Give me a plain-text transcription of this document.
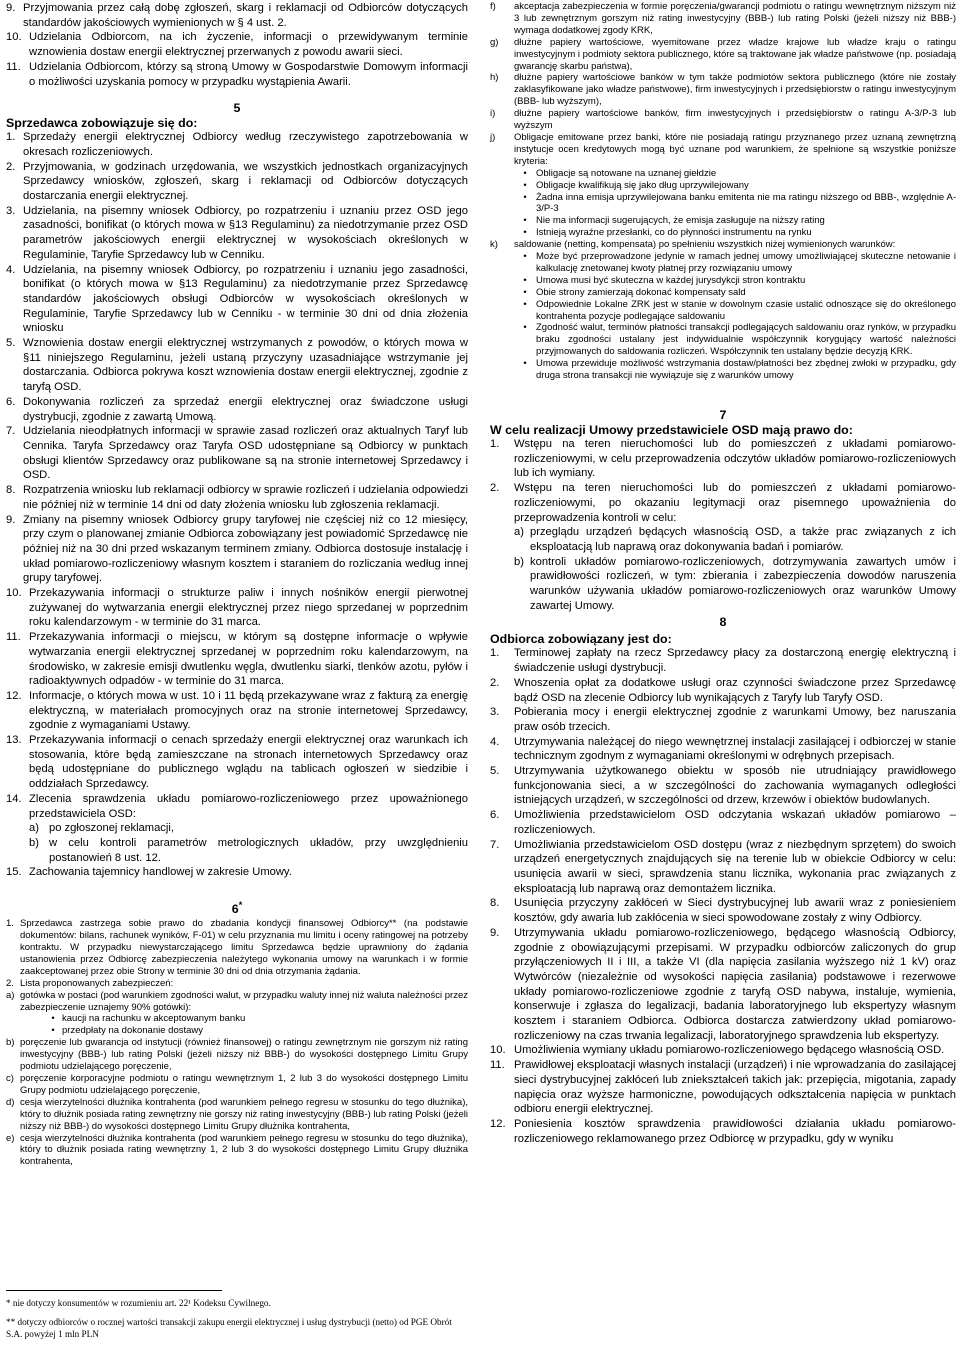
9. Przyjmowania przez całą dobę zgłoszeń, skarg i reklamacji od Odbiorców dotyczących standardów jakościowych wymienionych w § 4 ust. 2.
10. Udzielania Odbiorcom, na ich życzenie, informacji o przewidywanym terminie wznowienia dostaw energii elektrycznej przerwanych z powodu awarii sieci.
11. Udzielania Odbiorcom, którzy są stroną Umowy w Gospodarstwie Domowym informacji o możliwości uzyskania pomocy w przypadku wystąpienia Awarii.
5
Sprzedawca zobowiązuje się do:
1. Sprzedaży energii elektrycznej Odbiorcy według rzeczywistego zapotrzebowania w okresach rozliczeniowych.
2. Przyjmowania, w godzinach urzędowania, we wszystkich jednostkach organizacyjnych Sprzedawcy wniosków, zgłoszeń, skarg i reklamacji od Odbiorców dotyczących dostarczania energii elektrycznej.
3. Udzielania, na pisemny wniosek Odbiorcy, po rozpatrzeniu i uznaniu przez OSD jego zasadności, bonifikat (o których mowa w §13 Regulaminu) za niedotrzymanie przez OSD parametrów jakościowych energii elektrycznej w wysokościach określonych w Regulaminie, Taryfie Sprzedawcy lub w Cenniku.
4. Udzielania, na pisemny wniosek Odbiorcy, po rozpatrzeniu i uznaniu jego zasadności, bonifikat (o których mowa w §13 Regulaminu) za niedotrzymanie przez Sprzedawcę standardów jakościowych obsługi Odbiorców w wysokościach określonych w Regulaminie, Taryfie Sprzedawcy lub w Cenniku - w terminie 30 dni od dnia złożenia wniosku
5. Wznowienia dostaw energii elektrycznej wstrzymanych z powodów, o których mowa w §11 niniejszego Regulaminu, jeżeli ustaną przyczyny uzasadniające wstrzymanie jej dostarczania. Odbiorca pokrywa koszt wznowienia dostaw energii elektrycznej, zgodnie z taryfą OSD.
6. Dokonywania rozliczeń za sprzedaż energii elektrycznej oraz świadczone usługi dystrybucji, zgodnie z zawartą Umową.
7. Udzielania nieodpłatnych informacji w sprawie zasad rozliczeń oraz aktualnych Taryf lub Cennika. Taryfa Sprzedawcy oraz Taryfa OSD udostępniane są Odbiorcy w punktach obsługi klientów Sprzedawcy oraz publikowane są na stronie internetowej Sprzedawcy i OSD.
8. Rozpatrzenia wniosku lub reklamacji odbiorcy w sprawie rozliczeń i udzielania odpowiedzi nie później niż w terminie 14 dni od daty złożenia wniosku lub zgłoszenia reklamacji.
9. Zmiany na pisemny wniosek Odbiorcy grupy taryfowej nie częściej niż co 12 miesięcy, przy czym o planowanej zmianie Odbiorca zobowiązany jest powiadomić Sprzedawcę nie później niż na 30 dni przed wskazanym terminem zmiany. Odbiorca dostosuje instalację i układ pomiarowo-rozliczeniowy własnym kosztem i staraniem do rozliczania według innej grupy taryfowej.
10. Przekazywania informacji o strukturze paliw i innych nośników energii pierwotnej zużywanej do wytwarzania energii elektrycznej przez niego sprzedanej w poprzednim roku kalendarzowym - w terminie do 31 marca.
11. Przekazywania informacji o miejscu, w którym są dostępne informacje o wpływie wytwarzania energii elektrycznej sprzedanej w poprzednim roku kalendarzowym, na środowisko, w zakresie emisji dwutlenku węgla, dwutlenku siarki, tlenków azotu, pyłów i radioaktywnych odpadów - w terminie do 31 marca.
12. Informacje, o których mowa w ust. 10 i 11 będą przekazywane wraz z fakturą za energię elektryczną, w materiałach promocyjnych oraz na stronie internetowej Sprzedawcy, zgodnie z wymaganiami Ustawy.
13. Przekazywania informacji o cenach sprzedaży energii elektrycznej oraz warunkach ich stosowania, które będą zamieszczane na stronach internetowych Sprzedawcy oraz będą udostępniane do publicznego wglądu na tablicach ogłoszeń w siedzibie i oddziałach Sprzedawcy.
14. Zlecenia sprawdzenia układu pomiarowo-rozliczeniowego przez upoważnionego przedstawiciela OSD:
a) po zgłoszonej reklamacji,
b) w celu kontroli parametrów metrologicznych układów, przy uwzględnieniu postanowień 8 ust. 12.
15. Zachowania tajemnicy handlowej w zakresie Umowy.
6*
1. Sprzedawca zastrzega sobie prawo do zbadania kondycji finansowej Odbiorcy** (na podstawie dokumentów: bilans, rachunek wyników, F-01) w celu przyznania mu limitu i oceny ratingowej na potrzeby kontraktu. W przypadku niewystarczającego limitu Sprzedawca będzie uprawniony do żądania ustanowienia przez Odbiorcę zabezpieczenia należytego wykonania umowy na warunkach i w formie zaakceptowanej przez obie Strony w terminie 30 dni od dnia otrzymania żądania.
2. Lista proponowanych zabezpieczeń:
a) gotówka w postaci (pod warunkiem zgodności walut, w przypadku waluty innej niż waluta należności przez zabezpieczenie uznajemy 90% gotówki):
• kaucji na rachunku w akceptowanym banku
• przedpłaty na dokonanie dostawy
b) poręczenie lub gwarancja od instytucji (również finansowej) o ratingu zewnętrznym nie gorszym niż rating inwestycyjny (BBB-) lub rating Polski (jeżeli niższy niż BBB-) do wysokości dostępnego Limitu Grupy podmiotu udzielającego poręczenie,
c) poręczenie korporacyjne podmiotu o ratingu wewnętrznym 1, 2 lub 3 do wysokości dostępnego Limitu Grupy podmiotu udzielającego poręczenie,
d) cesja wierzytelności dłużnika kontrahenta (pod warunkiem pełnego regresu w stosunku do tego dłużnika), który to dłużnik posiada rating zewnętrzny nie gorszy niż rating inwestycyjny (BBB-) lub rating Polski (jeżeli niższy niż BBB-) do wysokości dostępnego Limitu Grupy dłużnika kontrahenta,
e) cesja wierzytelności dłużnika kontrahenta (pod warunkiem pełnego regresu w stosunku do tego dłużnika), który to dłużnik posiada rating wewnętrzny 1, 2 lub 3 do wysokości dostępnego Limitu Grupy dłużnika kontrahenta,
* nie dotyczy konsumentów w rozumieniu art. 22¹ Kodeksu Cywilnego.
** dotyczy odbiorców o rocznej wartości transakcji zakupu energii elektrycznej i usług dystrybucji (netto) od PGE Obrót S.A. powyżej 1 mln PLN
f)	akceptacja zabezpieczenia w formie poręczenia/gwarancji podmiotu o ratingu wewnętrznym niższym niż 3 lub zewnętrznym gorszym niż rating inwestycyjny (BBB-) lub rating Polski (jeżeli niższy niż BBB-) wymaga dodatkowej zgody KRK,
g)	dłużne papiery wartościowe, wyemitowane przez władze krajowe lub władze kraju o ratingu inwestycyjnym i podmioty sektora publicznego, które są traktowane jak władze państwowe (np. posiadają gwarancję skarbu państwa),
h)	dłużne papiery wartościowe banków w tym także podmiotów sektora publicznego (które nie zostały zaklasyfikowane jako władze państwowe), firm inwestycyjnych i przedsiębiorstw o ratingu inwestycyjnym (BBB- lub wyższym),
i)	dłużne papiery wartościowe banków, firm inwestycyjnych i przedsiębiorstw o ratingu A-3/P-3 lub wyższym
j)	Obligacje emitowane przez banki, które nie posiadają ratingu przyznanego przez uznaną zewnętrzną instytucje ocen kredytowych mogą być uznane pod warunkiem, że spełnione są wszystkie poniższe kryteria:
• Obligacje są notowane na uznanej giełdzie
• Obligacje kwalifikują się jako dług uprzywilejowany
• Żadna inna emisja uprzywilejowana banku emitenta nie ma ratingu niższego od BBB-, względnie A-3/P-3
• Nie ma informacji sugerujących, że emisja zasługuje na niższy rating
• Istnieją wyraźne przesłanki, co do płynności instrumentu na rynku
k)	saldowanie (netting, kompensata) po spełnieniu wszystkich niżej wymienionych warunków:
• Może być przeprowadzone jedynie w ramach jednej umowy umożliwiającej skuteczne netowanie i kalkulację znetowanej kwoty płatnej przy rozwiązaniu umowy
• Umowa musi być skuteczna w każdej jurysdykcji stron kontraktu
• Obie strony zamierzają dokonać kompensaty sald
• Odpowiednie Lokalne ZRK jest w stanie w dowolnym czasie ustalić odnoszące się do określonego kontrahenta pozycje podlegające saldowaniu
• Zgodność walut, terminów płatności transakcji podlegających saldowaniu oraz rynków, w przypadku braku zgodności ustalany jest indywidualnie współczynnik korygujący wartość należności przyjmowanych do saldowania rozliczeń. Współczynnik ten ustalany będzie decyzją KRK.
• Umowa przewiduje możliwość wstrzymania dostaw/płatności bez zbędnej zwłoki w przypadku, gdy druga strona transakcji nie wywiązuje się z warunków umowy
7
W celu realizacji Umowy przedstawiciele OSD mają prawo do:
1.	Wstępu na teren nieruchomości lub do pomieszczeń z układami pomiarowo-rozliczeniowymi, w celu przeprowadzenia odczytów układów pomiarowo-rozliczeniowych lub ich wymiany.
2.	Wstępu na teren nieruchomości lub do pomieszczeń z układami pomiarowo-rozliczeniowymi, po okazaniu legitymacji oraz pisemnego upoważnienia do przeprowadzenia kontroli w celu:
a) przeglądu urządzeń będących własnością OSD, a także prac związanych z ich eksploatacją lub naprawą oraz dokonywania badań i pomiarów.
b) kontroli układów pomiarowo-rozliczeniowych, dotrzymywania zawartych umów i prawidłowości rozliczeń, w tym: zbierania i zabezpieczenia dowodów naruszenia warunków używania układów pomiarowo-rozliczeniowych oraz warunków Umowy zawartej Umowy.
8
Odbiorca zobowiązany jest do:
1.	Terminowej zapłaty na rzecz Sprzedawcy płacy za dostarczoną energię elektryczną i świadczenie usługi dystrybucji.
2.	Wnoszenia opłat za dodatkowe usługi oraz czynności świadczone przez Sprzedawcę bądź OSD na zlecenie Odbiorcy lub wynikających z Taryfy lub Taryfy OSD.
3.	Pobierania mocy i energii elektrycznej zgodnie z warunkami Umowy, bez naruszania praw osób trzecich.
4.	Utrzymywania należącej do niego wewnętrznej instalacji zasilającej i odbiorczej w stanie technicznym zgodnym z wymaganiami określonymi w odrębnych przepisach.
5.	Utrzymywania użytkowanego obiektu w sposób nie utrudniający prawidłowego funkcjonowania sieci, a w szczególności do zachowania wymaganych odległości istniejących urządzeń, w szczególności od drzew, krzewów i obiektów budowlanych.
6.	Umożliwienia przedstawicielom OSD odczytania wskazań układów pomiarowo – rozliczeniowych.
7.	Umożliwiania przedstawicielom OSD dostępu (wraz z niezbędnym sprzętem) do swoich urządzeń energetycznych znajdujących się na terenie lub w obiekcie Odbiorcy w celu: usunięcia awarii w sieci, sprawdzenia stanu licznika, wykonania prac związanych z eksploatacją lub naprawą oraz demontażem licznika.
8.	Usunięcia przyczyny zakłóceń w Sieci dystrybucyjnej lub awarii wraz z poniesieniem kosztów, gdy awaria lub zakłócenia w sieci spowodowane zostały z winy Odbiorcy.
9.	Utrzymywania układu pomiarowo-rozliczeniowego, będącego własnością Odbiorcy, zgodnie z obowiązującymi przepisami. W przypadku odbiorców zaliczonych do grup przyłączeniowych II i III, a także VI (dla napięcia zasilania wyższego niż 1 kV) oraz Wytwórców (niezależnie od wysokości napięcia zasilania) podstawowe i rezerwowe układy pomiarowo-rozliczeniowe zgodnie z taryfą OSD nabywa, instaluje, wymienia, konserwuje i zgłasza do legalizacji, badania laboratoryjnego lub ekspertyzy własnym kosztem i staraniem Odbiorca. Odbiorca dostarcza zatwierdzony układ pomiarowo-rozliczeniowy na czas trwania legalizacji, laboratoryjnego sprawdzenia lub ekspertyzy.
10. Umożliwienia wymiany układu pomiarowo-rozliczeniowego będącego własnością OSD.
11. Prawidłowej eksploatacji własnych instalacji (urządzeń) i nie wprowadzania do zasilającej sieci dystrybucyjnej zakłóceń lub zniekształceń takich jak: przepięcia, migotania, zapady napięcia oraz wyższe harmoniczne, powodujących odkształcenia napięcia w punktach odbioru energii elektrycznej.
12. Poniesienia kosztów sprawdzenia prawidłowości działania układu pomiarowo-rozliczeniowego reklamowanego przez Odbiorcę w przypadku, gdy w wyniku
